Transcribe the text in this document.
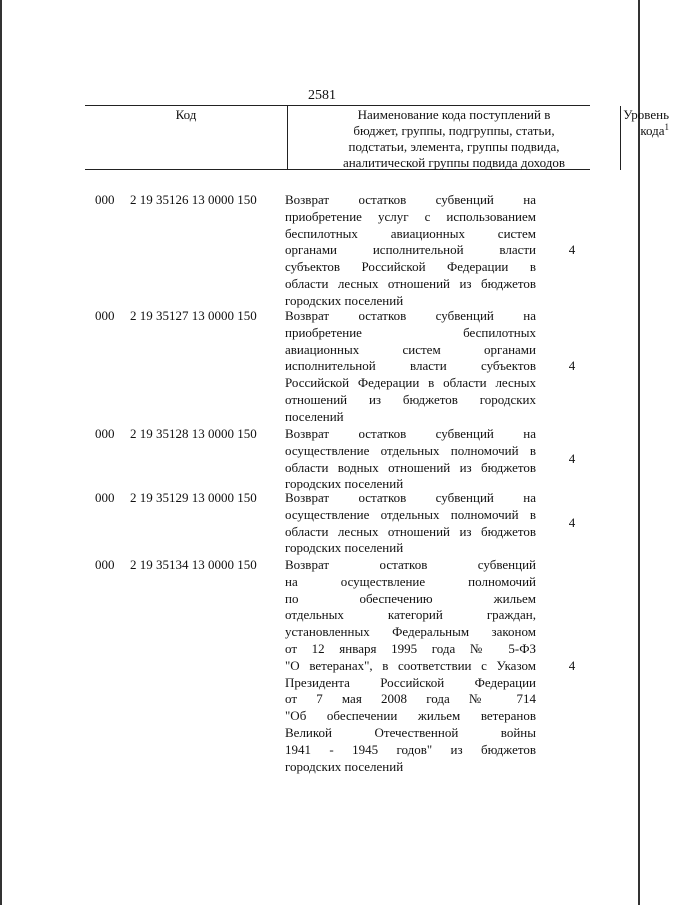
2581
Код	Наименование кода поступлений в
бюджет, группы, подгруппы, статьи,
подстатьи, элемента, группы подвида,
аналитической группы подвида доходов
Уровень
кода$^1$
000 2 19 35126 13 0000 150 Возврат остатков субвенций на
приобретение услуг с использованием
беспилотных авиационных систем
органами исполнительной власти
субъектов Российской Федерации в
области лесных отношений из бюджетов
городских поселений
4
000 2 19 35127 13 0000 150 Возврат остатков субвенций на
приобретение беспилотных
авиационных систем органами
исполнительной власти субъектов
Российской Федерации в области лесных
отношений из бюджетов городских
поселений
4
000 2 19 35128 13 0000 150 Возврат остатков субвенций на
осуществление отдельных полномочий в
области водных отношений из бюджетов
городских поселений
4
000 2 19 35129 13 0000 150 Возврат остатков субвенций на
осуществление отдельных полномочий в
области лесных отношений из бюджетов
городских поселений
4
000 2 19 35134 13 0000 150 Возврат остатков субвенций
на осуществление полномочий
по обеспечению жильем
отдельных категорий граждан,
установленных Федеральным законом
от 12 января 1995 года № 5-ФЗ
"О ветеранах", в соответствии с Указом
Президента Российской Федерации
от 7 мая 2008 года № 714
"Об обеспечении жильем ветеранов
Великой Отечественной войны
1941 - 1945 годов" из бюджетов
городских поселений
4
